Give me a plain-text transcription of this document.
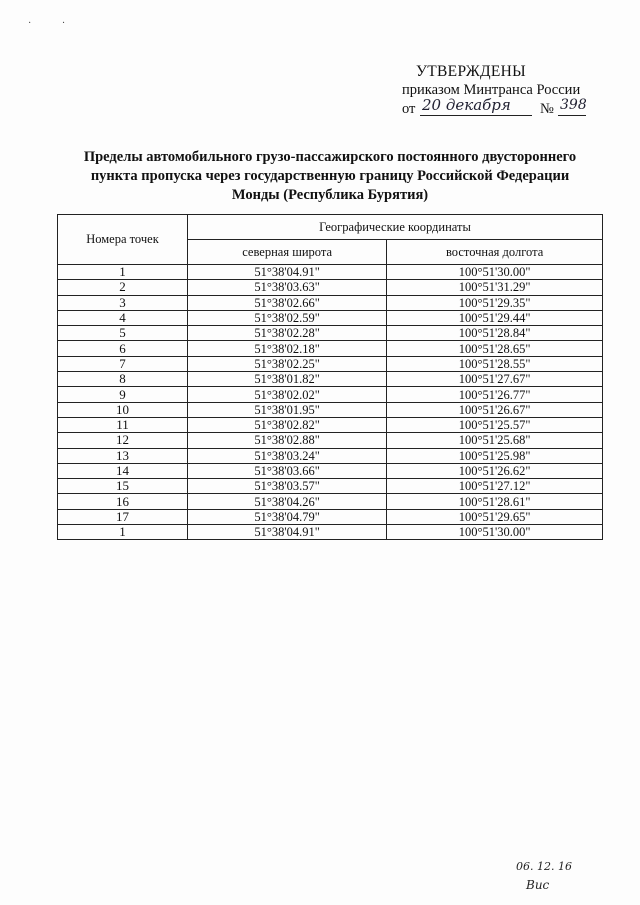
· ·
УТВЕРЖДЕНЫ
приказом Минтранса России
от 20 декабря № 398
Пределы автомобильного грузо-пассажирского постоянного двустороннего
пункта пропуска через государственную границу Российской Федерации
Монды (Республика Бурятия)
Номера точек	Географические координаты	
	северная широта	восточная долгота
1	51°38'04.91"	100°51'30.00"
2	51°38'03.63"	100°51'31.29"
3	51°38'02.66"	100°51'29.35"
4	51°38'02.59"	100°51'29.44"
5	51°38'02.28"	100°51'28.84"
6	51°38'02.18"	100°51'28.65"
7	51°38'02.25"	100°51'28.55"
8	51°38'01.82"	100°51'27.67"
9	51°38'02.02"	100°51'26.77"
10	51°38'01.95"	100°51'26.67"
11	51°38'02.82"	100°51'25.57"
12	51°38'02.88"	100°51'25.68"
13	51°38'03.24"	100°51'25.98"
14	51°38'03.66"	100°51'26.62"
15	51°38'03.57"	100°51'27.12"
16	51°38'04.26"	100°51'28.61"
17	51°38'04.79"	100°51'29.65"
1	51°38'04.91"	100°51'30.00"
06. 12. 16
Вис
